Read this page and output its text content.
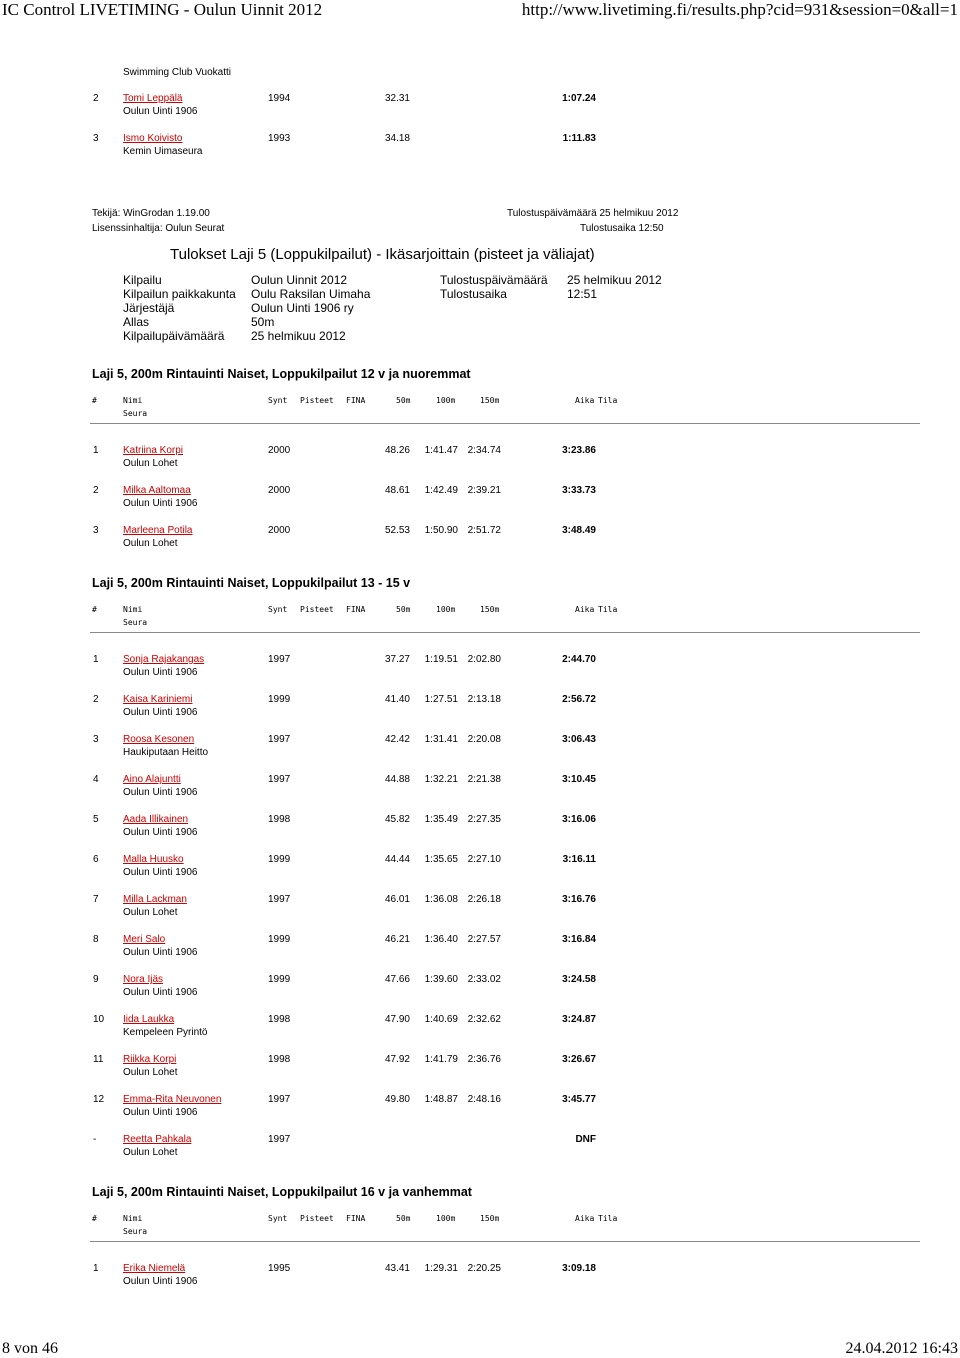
IC Control LIVETIMING - Oulun Uinnit 2012	http://www.livetiming.fi/results.php?cid=931&session=0&all=1
Swimming Club Vuokatti
2 Tomi Leppälä	1994	32.31	1:07.24
Oulun Uinti 1906
3 Ismo Koivisto	1993	34.18	1:11.83
Kemin Uimaseura
Tekijä: WinGrodan 1.19.00
Lisenssinhaltija: Oulun Seurat
Tulostuspäivämäärä 25 helmikuu 2012
Tulostusaika 12:50
Tulokset Laji 5 (Loppukilpailut) - Ikäsarjoittain (pisteet ja väliajat)
Kilpailu	Oulun Uinnit 2012
Kilpailun paikkakunta Oulu Raksilan Uimaha
Järjestäjä	Oulun Uinti 1906 ry
Allas	50m
Kilpailupäivämäärä 25 helmikuu 2012
Tulostuspäivämäärä 25 helmikuu 2012
Tulostusaika	12:51
Laji 5, 200m Rintauinti Naiset, Loppukilpailut 12 v ja nuoremmat
#	Nimi	Synt Pisteet FINA	50m	100m	150m	Aika Tila
Seura
1 Katriina Korpi	2000	48.26 1:41.47 2:34.74	3:23.86
Oulun Lohet
2 Milka Aaltomaa	2000	48.61 1:42.49 2:39.21	3:33.73
Oulun Uinti 1906
3 Marleena Potila	2000	52.53 1:50.90 2:51.72	3:48.49
Oulun Lohet
Laji 5, 200m Rintauinti Naiset, Loppukilpailut 13 - 15 v
#	Nimi	Synt Pisteet FINA	50m	100m	150m	Aika Tila
Seura
1 Sonja Rajakangas	1997	37.27 1:19.51 2:02.80	2:44.70
Oulun Uinti 1906
2 Kaisa Kariniemi	1999	41.40 1:27.51 2:13.18	2:56.72
Oulun Uinti 1906
3 Roosa Kesonen	1997	42.42 1:31.41 2:20.08	3:06.43
Haukiputaan Heitto
4 Aino Alajuntti	1997	44.88 1:32.21 2:21.38	3:10.45
Oulun Uinti 1906
5 Aada Illikainen	1998	45.82 1:35.49 2:27.35	3:16.06
Oulun Uinti 1906
6 Malla Huusko	1999	44.44 1:35.65 2:27.10	3:16.11
Oulun Uinti 1906
7 Milla Lackman	1997	46.01 1:36.08 2:26.18	3:16.76
Oulun Lohet
8 Meri Salo	1999	46.21 1:36.40 2:27.57	3:16.84
Oulun Uinti 1906
9 Nora Ijäs	1999	47.66 1:39.60 2:33.02	3:24.58
Oulun Uinti 1906
10 Iida Laukka	1998	47.90 1:40.69 2:32.62	3:24.87
Kempeleen Pyrintö
11 Riikka Korpi	1998	47.92 1:41.79 2:36.76	3:26.67
Oulun Lohet
12 Emma-Rita Neuvonen	1997	49.80 1:48.87 2:48.16	3:45.77
Oulun Uinti 1906
-	Reetta Pahkala	1997	DNF
Oulun Lohet
Laji 5, 200m Rintauinti Naiset, Loppukilpailut 16 v ja vanhemmat
#	Nimi	Synt Pisteet FINA	50m	100m	150m	Aika Tila
Seura
1 Erika Niemelä	1995	43.41 1:29.31 2:20.25	3:09.18
Oulun Uinti 1906
8 von 46	24.04.2012 16:43
